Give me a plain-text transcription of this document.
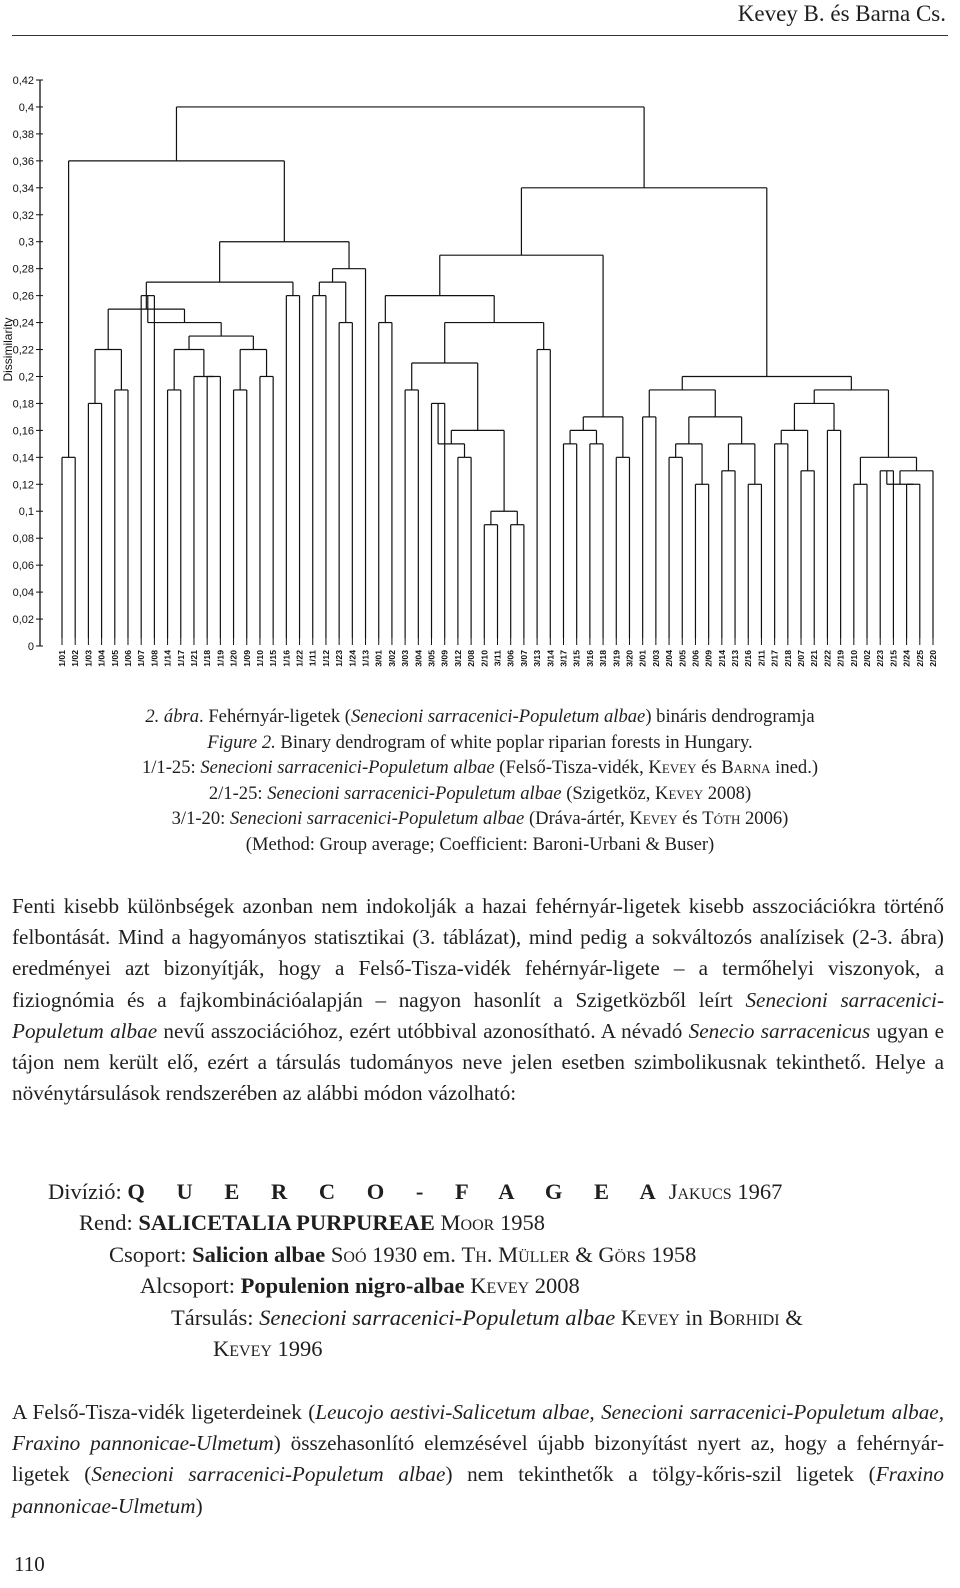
Kevey B. és Barna Cs.
0,42
0,4
0,38
0,36
0,34
0,32
0,3
0,28
0,26
0,24
0,22
0,2
0,18
0,16
0,14
0,12
0,1
0,08
0,06
0,04
0,02
0
Dissimilarity
1/01 1/02 1/03 1/04 1/05 1/06 1/07 1/08 1/14 1/17 1/21 1/18 1/19 1/20 1/09 1/10 1/15 1/16 1/22 1/11 1/12 1/23 1/24 1/13 3/01 3/02 3/03 3/04 3/05 3/09 3/12 2/08 2/10 3/11 3/06 3/07 3/13 3/14 3/17 3/15 3/16 3/18 3/19 3/20 2/01 2/03 2/04 2/05 2/06 2/09 2/14 2/13 2/16 2/11 2/17 2/18 2/07 2/21 2/22 2/19 2/10 2/02 2/23 2/15 2/24 2/25 2/20

2. ábra. Fehérnyár-ligetek (Senecioni sarracenici-Populetum albae) bináris dendrogramja

Figure 2. Binary dendrogram of white poplar riparian forests in Hungary.

1/1-25: Senecioni sarracenici-Populetum albae (Felső-Tisza-vidék, Kevey és Barna ined.)

2/1-25: Senecioni sarracenici-Populetum albae (Szigetköz, Kevey 2008)

3/1-20: Senecioni sarracenici-Populetum albae (Dráva-ártér, Kevey és Tóth 2006)

(Method: Group average; Coefficient: Baroni-Urbani & Buser)

Fenti kisebb különbségek azonban nem indokolják a hazai fehérnyár-ligetek kisebb asszociációkra történő felbontását. Mind a hagyományos statisztikai (3. táblázat), mind pedig a sokváltozós analízisek (2-3. ábra) eredményei azt bizonyítják, hogy a Felső-Tisza-vidék fehérnyár-ligete – a termőhelyi viszonyok, a fiziognómia és a fajkombinációalapján – nagyon hasonlít a Szigetközből leírt Senecioni sarracenici-Populetum albae nevű asszociációhoz, ezért utóbbival azonosítható. A névadó Senecio sarracenicus ugyan e tájon nem került elő, ezért a társulás tudományos neve jelen esetben szimbolikusnak tekinthető. Helye a növénytársulások rendszerében az alábbi módon vázolható:

Divízió: Q U E R C O - F A G E AJakucs 1967
Rend: SALICETALIA PURPUREAE Moor 1958
Csoport: Salicion albae Soó 1930 em. Th. Müller & Görs 1958
Alcsoport: Populenion nigro-albae Kevey 2008
Társulás: Senecioni sarracenici-Populetum albae Kevey in Borhidi &
Kevey 1996

A Felső-Tisza-vidék ligeterdeinek (Leucojo aestivi-Salicetum albae, Senecioni sarracenici-Populetum albae, Fraxino pannonicae-Ulmetum) összehasonlító elemzésével újabb bizonyítást nyert az, hogy a fehérnyár-ligetek (Senecioni sarracenici-Populetum albae) nem tekinthetők a tölgy-kőris-szil ligetek (Fraxino pannonicae-Ulmetum)

110
